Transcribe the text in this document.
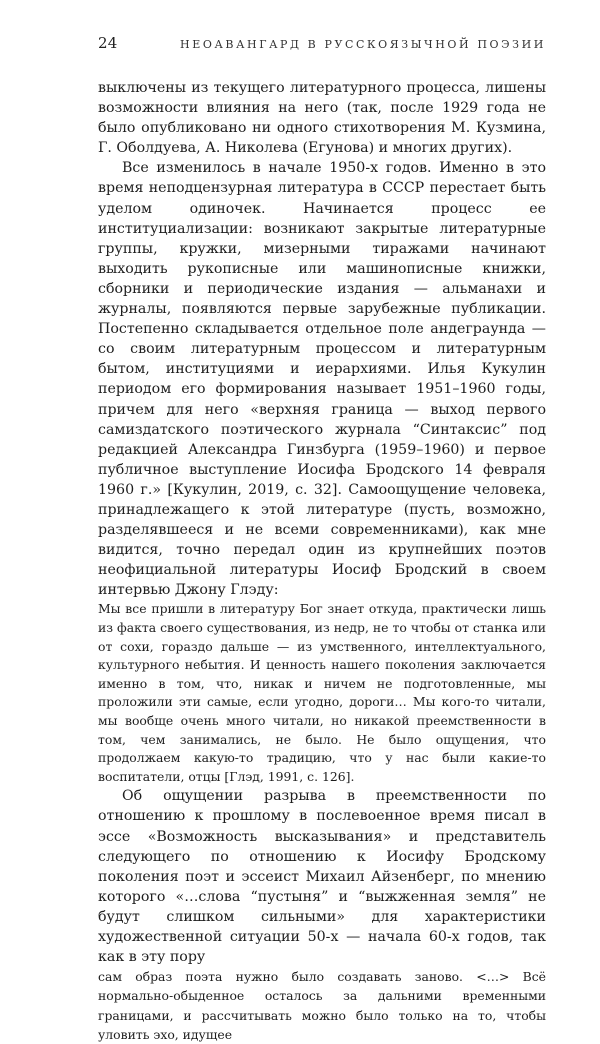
24	НЕОАВАНГАРД В РУССКОЯЗЫЧНОЙ ПОЭЗИИ

выключены из текущего литературного процесса, лишены возможности влияния на него (так, после 1929 года не было опубликовано ни одного стихотворения М. Кузмина, Г. Оболдуева, А. Николева (Егунова) и многих других).

Все изменилось в начале 1950-х годов. Именно в это время неподцензурная литература в СССР перестает быть уделом одиночек. Начинается процесс ее институциализации: возникают закрытые литературные группы, кружки, мизерными тиражами начинают выходить рукописные или машинописные книжки, сборники и периодические издания — альманахи и журналы, появляются первые зарубежные публикации. Постепенно складывается отдельное поле андеграунда — со своим литературным процессом и литературным бытом, институциями и иерархиями. Илья Кукулин периодом его формирования называет 1951–1960 годы, причем для него «верхняя граница — выход первого самиздатского поэтического журнала “Синтаксис” под редакцией Александра Гинзбурга (1959–1960) и первое публичное выступление Иосифа Бродского 14 февраля 1960 г.» [Кукулин, 2019, с. 32]. Самоощущение человека, принадлежащего к этой литературе (пусть, возможно, разделявшееся и не всеми современниками), как мне видится, точно передал один из крупнейших поэтов неофициальной литературы Иосиф Бродский в своем интервью Джону Глэду:

Мы все пришли в литературу Бог знает откуда, практически лишь из факта своего существования, из недр, не то чтобы от станка или от сохи, гораздо дальше — из умственного, интеллектуального, культурного небытия. И ценность нашего поколения заключается именно в том, что, никак и ничем не подготовленные, мы проложили эти самые, если угодно, дороги… Мы кого-то читали, мы вообще очень много читали, но никакой преемственности в том, чем занимались, не было. Не было ощущения, что продолжаем какую-то традицию, что у нас были какие-то воспитатели, отцы [Глэд, 1991, с. 126].

Об ощущении разрыва в преемственности по отношению к прошлому в послевоенное время писал в эссе «Возможность высказывания» и представитель следующего по отношению к Иосифу Бродскому поколения поэт и эссеист Михаил Айзенберг, по мнению которого «…слова “пустыня” и “выжженная земля” не будут слишком сильными» для характеристики художественной ситуации 50-х — начала 60-х годов, так как в эту пору

сам образ поэта нужно было создавать заново. <…> Всё нормально-обыденное осталось за дальними временными границами, и рассчитывать можно было только на то, чтобы уловить эхо, идущее
